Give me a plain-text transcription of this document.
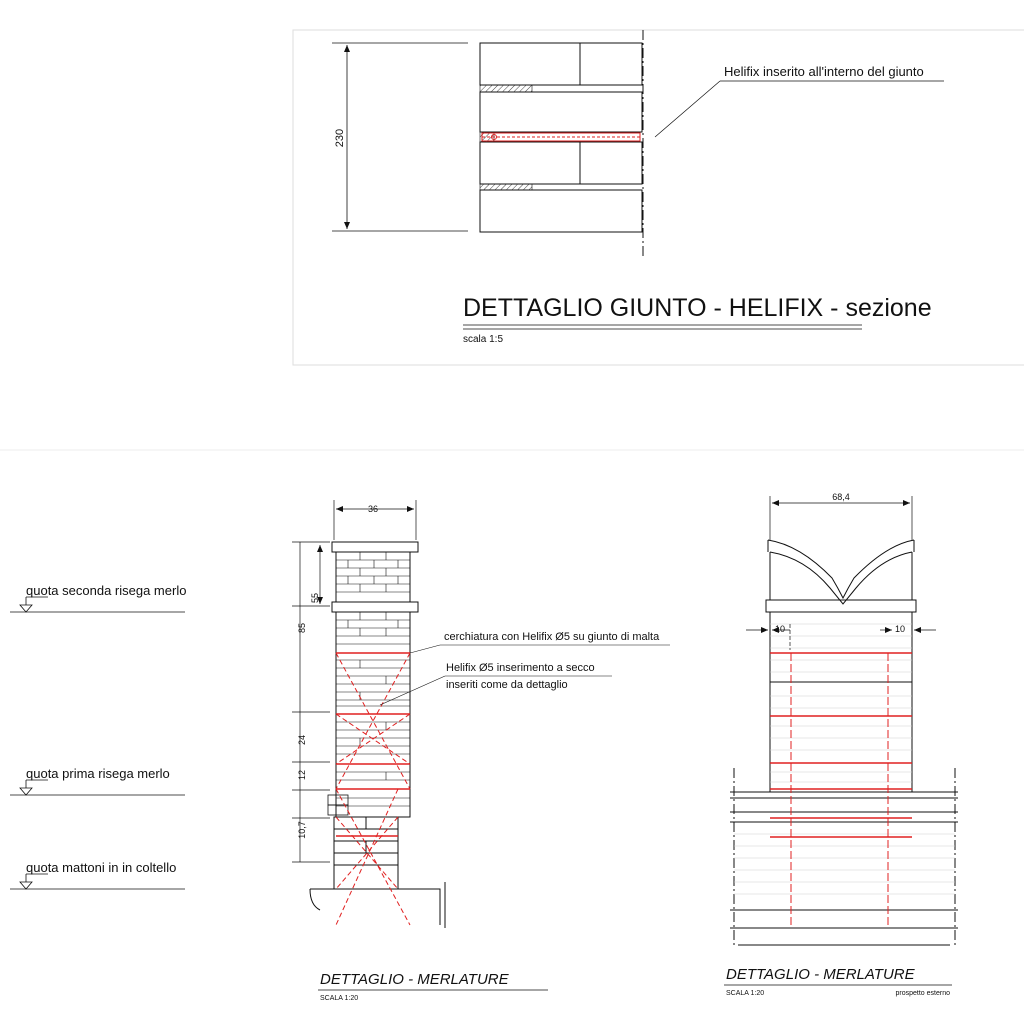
230
Helifix inserito all'interno del giunto
DETTAGLIO GIUNTO - HELIFIX - sezione
scala 1:5
quota seconda risega merlo
quota prima risega merlo
quota mattoni in in coltello
36
85
55
24
12
10,7
cerchiatura con Helifix Ø5 su giunto di malta
Helifix Ø5 inserimento a secco
inseriti come da dettaglio
DETTAGLIO - MERLATURE
SCALA 1:20
68,4
10	10
DETTAGLIO - MERLATURE
SCALA 1:20	prospetto esterno
